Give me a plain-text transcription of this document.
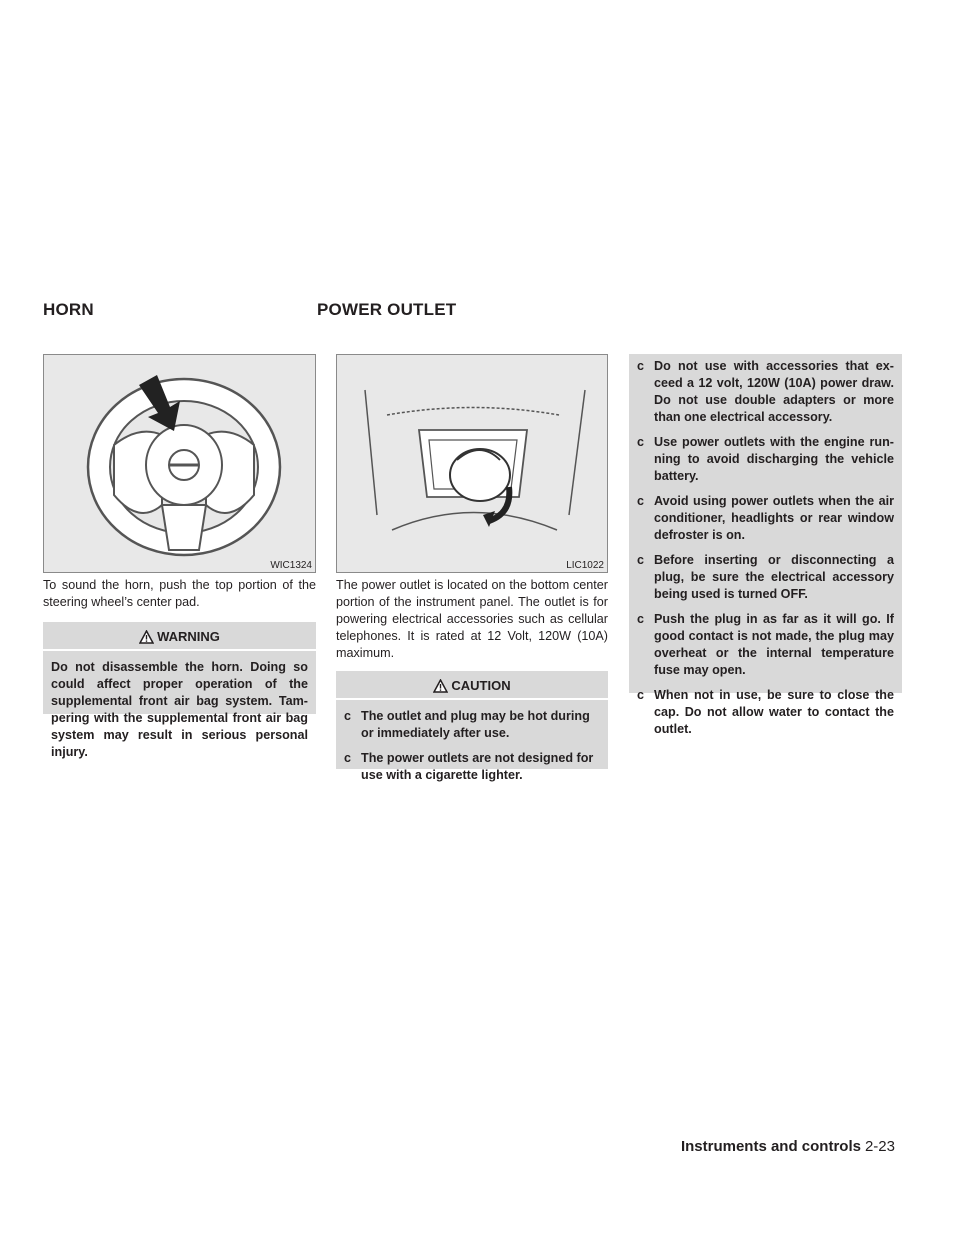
HORN	POWER OUTLET
WIC1324	LIC1022
To sound the horn, push the top portion of the steering wheel’s center pad.
WARNING
Do not disassemble the horn. Doing so could affect proper operation of the supplemental front air bag system. Tam- pering with the supplemental front air bag system may result in serious personal injury.
The power outlet is located on the bottom center portion of the instrument panel. The outlet is for powering electrical accessories such as cellular telephones. It is rated at 12 Volt, 120W (10A) maximum.
CAUTION
c The outlet and plug may be hot during or immediately after use.
c The power outlets are not designed for use with a cigarette lighter.
c Do not use with accessories that ex- ceed a 12 volt, 120W (10A) power draw. Do not use double adapters or more than one electrical accessory.
c Use power outlets with the engine run- ning to avoid discharging the vehicle battery.
c Avoid using power outlets when the air conditioner, headlights or rear window defroster is on.
c Before inserting or disconnecting a plug, be sure the electrical accessory being used is turned OFF.
c Push the plug in as far as it will go. If good contact is not made, the plug may overheat or the internal temperature fuse may open.
c When not in use, be sure to close the cap. Do not allow water to contact the outlet.
Instruments and controls 2-23
